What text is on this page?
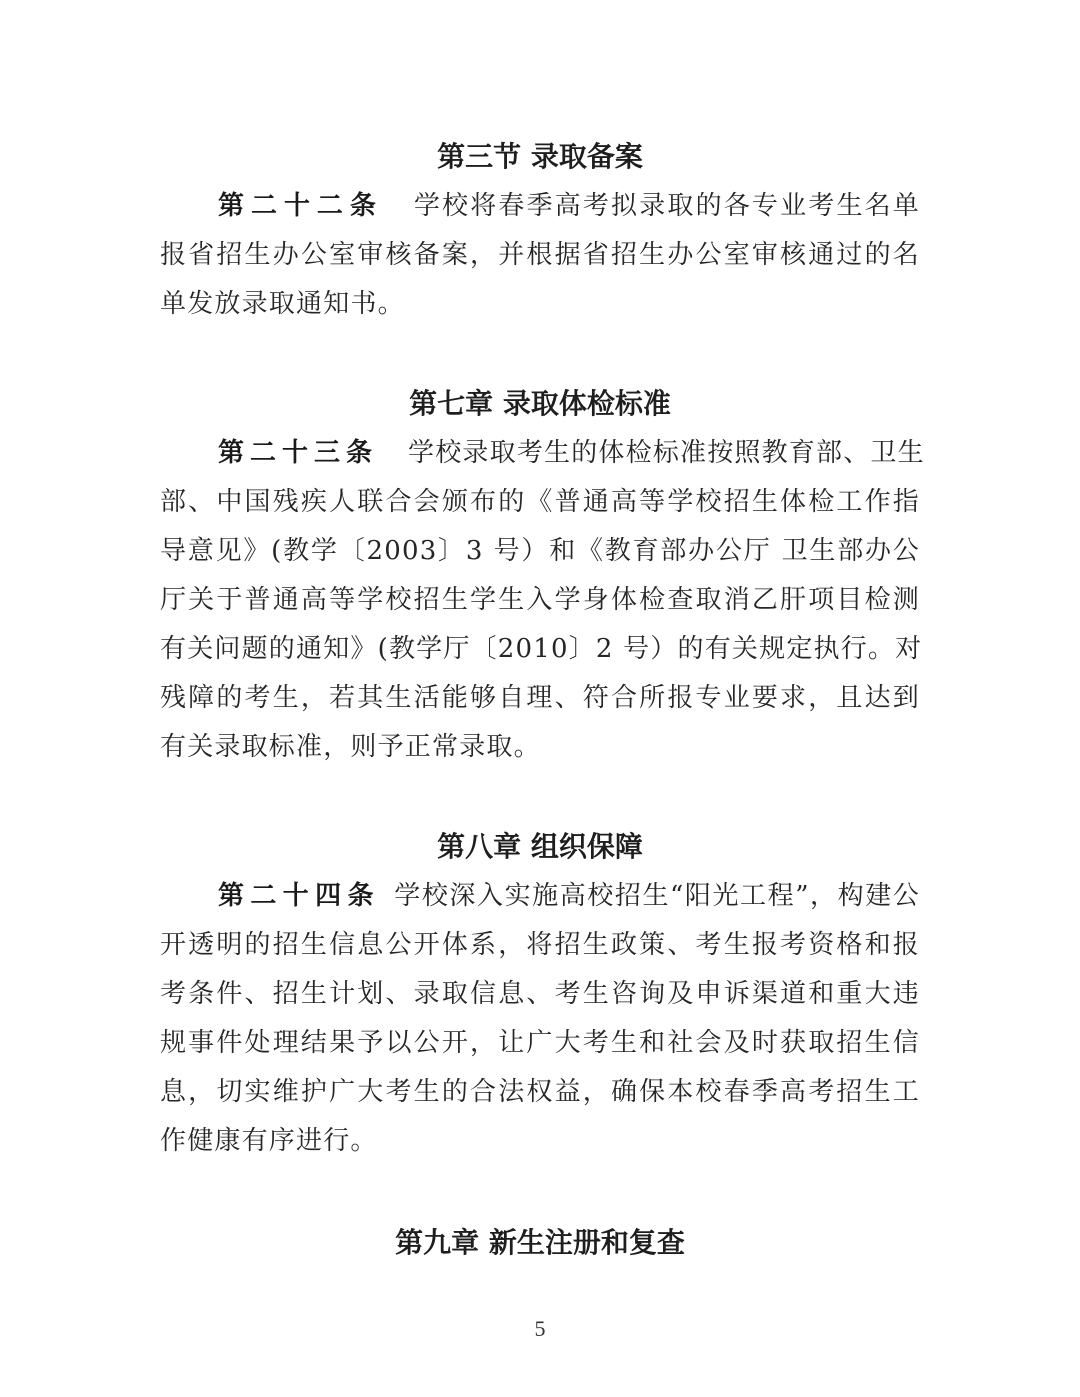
第三节 录取备案
第二十二条 学校将春季高考拟录取的各专业考生名单
报省招生办公室审核备案，并根据省招生办公室审核通过的名
单发放录取通知书。
第七章 录取体检标准
第二十三条 学校录取考生的体检标准按照教育部、卫生
部、中国残疾人联合会颁布的《普通高等学校招生体检工作指
导意见》(教学〔2003〕3 号）和《教育部办公厅 卫生部办公
厅关于普通高等学校招生学生入学身体检查取消乙肝项目检测
有关问题的通知》(教学厅〔2010〕2 号）的有关规定执行。对
残障的考生，若其生活能够自理、符合所报专业要求，且达到
有关录取标准，则予正常录取。
第八章 组织保障
第二十四条 学校深入实施高校招生“阳光工程”，构建公
开透明的招生信息公开体系，将招生政策、考生报考资格和报
考条件、招生计划、录取信息、考生咨询及申诉渠道和重大违
规事件处理结果予以公开，让广大考生和社会及时获取招生信
息，切实维护广大考生的合法权益，确保本校春季高考招生工
作健康有序进行。
第九章 新生注册和复查
5
